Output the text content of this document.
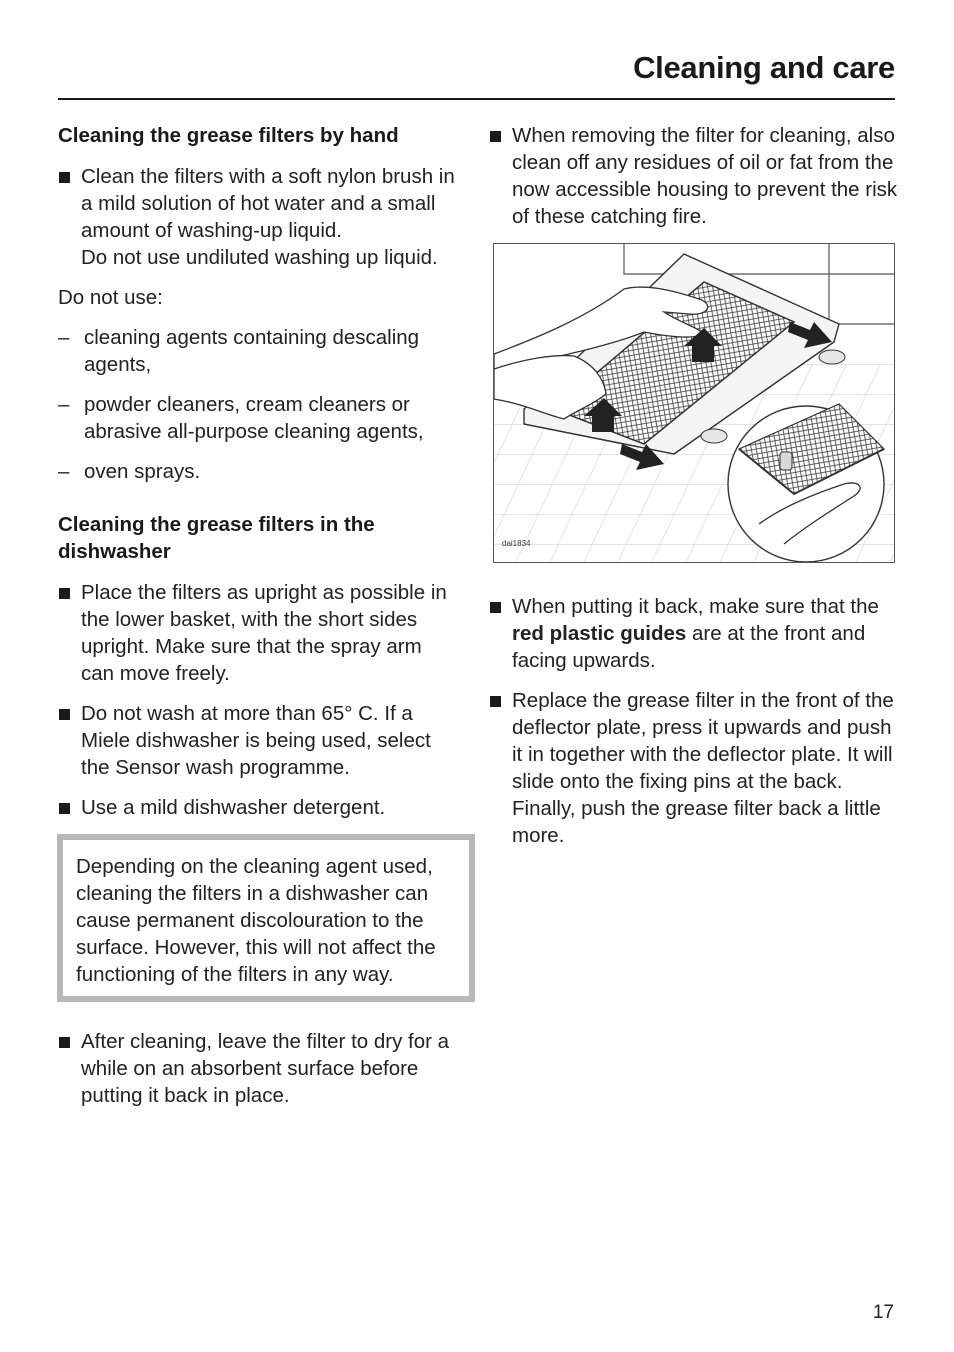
Cleaning and care
Cleaning the grease filters by hand
Clean the filters with a soft nylon brush in a mild solution of hot water and a small amount of washing-up liquid.
Do not use undiluted washing up liquid.
Do not use:
– cleaning agents containing descaling agents,
– powder cleaners, cream cleaners or abrasive all-purpose cleaning agents,
– oven sprays.
Cleaning the grease filters in the dishwasher
Place the filters as upright as possible in the lower basket, with the short sides upright. Make sure that the spray arm can move freely.
Do not wash at more than 65° C. If a Miele dishwasher is being used, select the Sensor wash programme.
Use a mild dishwasher detergent.
Depending on the cleaning agent used, cleaning the filters in a dishwasher can cause permanent discolouration to the surface. However, this will not affect the functioning of the filters in any way.
After cleaning, leave the filter to dry for a while on an absorbent surface before putting it back in place.
When removing the filter for cleaning, also clean off any residues of oil or fat from the now accessible housing to prevent the risk of these catching fire.
dai1834
When putting it back, make sure that the red plastic guides are at the front and facing upwards.
Replace the grease filter in the front of the deflector plate, press it upwards and push it in together with the deflector plate. It will slide onto the fixing pins at the back. Finally, push the grease filter back a little more.
17
